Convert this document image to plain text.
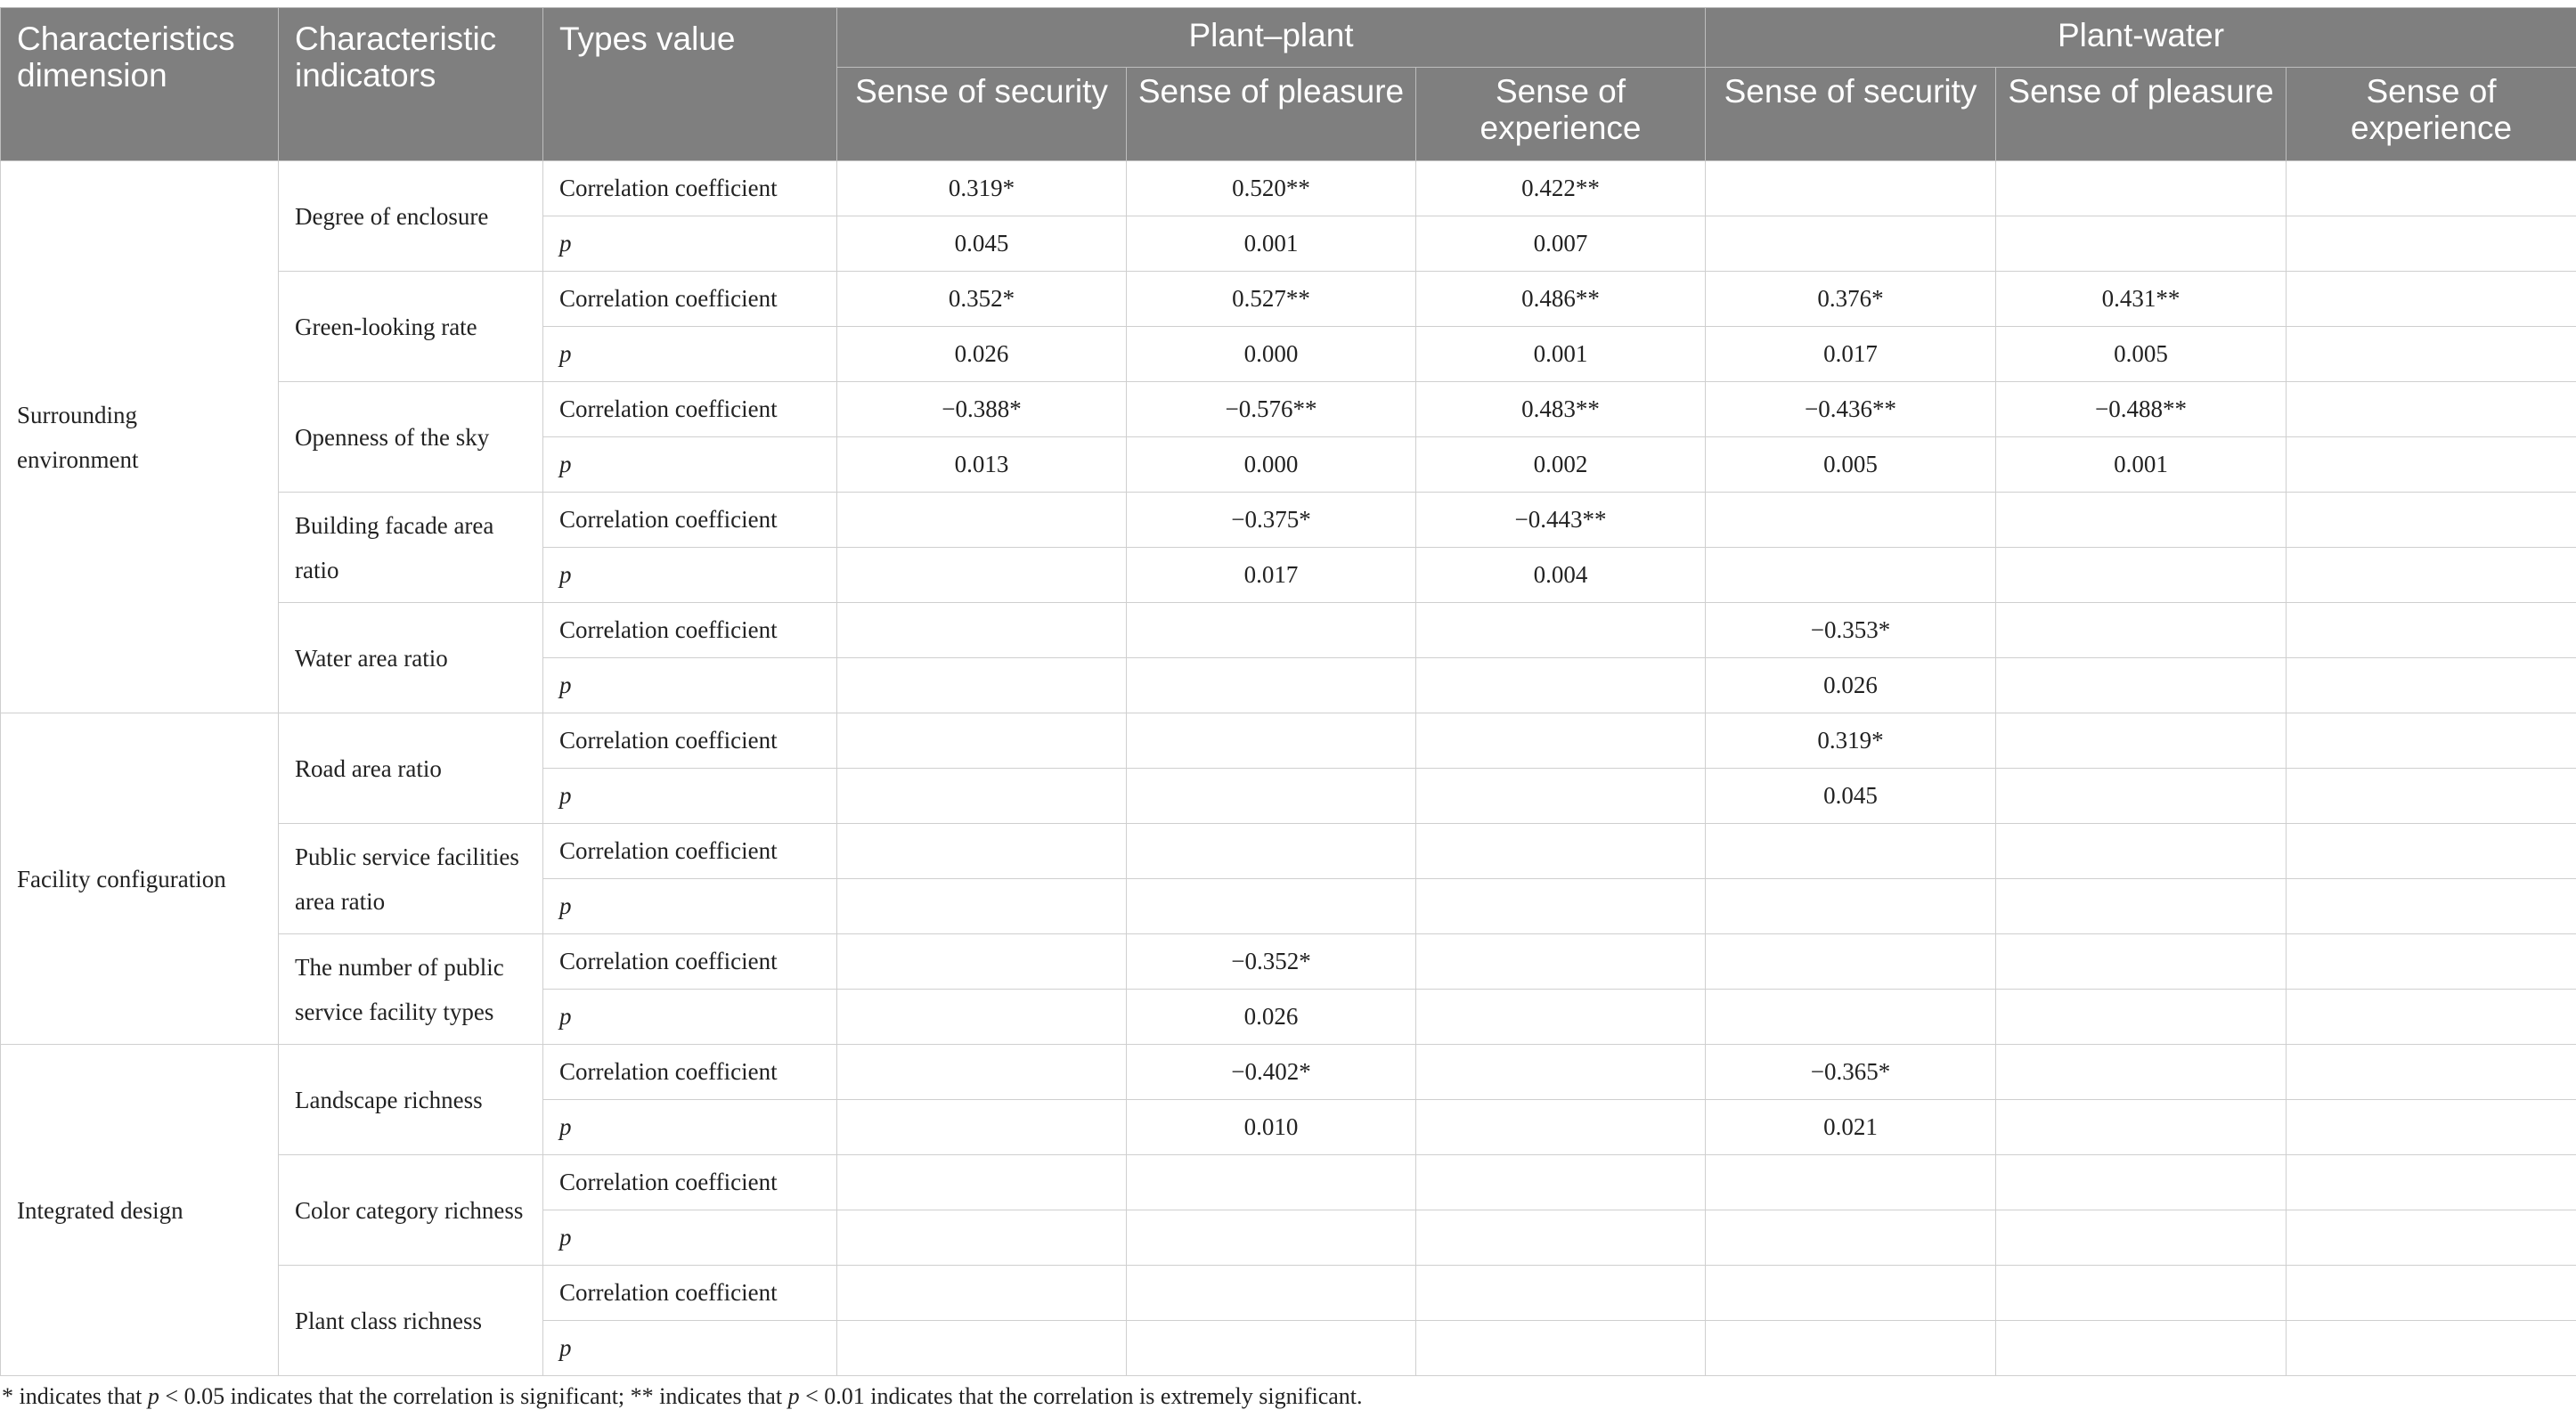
Characteristics dimension	Characteristic indicators	Types value	Plant–plant			Plant-water		
			Sense of security	Sense of pleasure	Sense of experience	Sense of security	Sense of pleasure	Sense of experience
Surrounding environment	Degree of enclosure	Correlation coefficient	0.319*	0.520**	0.422**			
		p	0.045	0.001	0.007			
	Green-looking rate	Correlation coefficient	0.352*	0.527**	0.486**	0.376*	0.431**	
		p	0.026	0.000	0.001	0.017	0.005	
	Openness of the sky	Correlation coefficient	−0.388*	−0.576**	0.483**	−0.436**	−0.488**	
		p	0.013	0.000	0.002	0.005	0.001	
	Building facade area ratio	Correlation coefficient		−0.375*	−0.443**			
		p		0.017	0.004			
	Water area ratio	Correlation coefficient				−0.353*		
		p				0.026		
Facility configuration	Road area ratio	Correlation coefficient				0.319*		
		p				0.045		
	Public service facilities area ratio	Correlation coefficient						
		p						
	The number of public service facility types	Correlation coefficient		−0.352*				
		p		0.026				
Integrated design	Landscape richness	Correlation coefficient		−0.402*		−0.365*		
		p		0.010		0.021		
	Color category richness	Correlation coefficient						
		p						
	Plant class richness	Correlation coefficient						
		p						
* indicates that p < 0.05 indicates that the correlation is significant; ** indicates that p < 0.01 indicates that the correlation is extremely significant.
